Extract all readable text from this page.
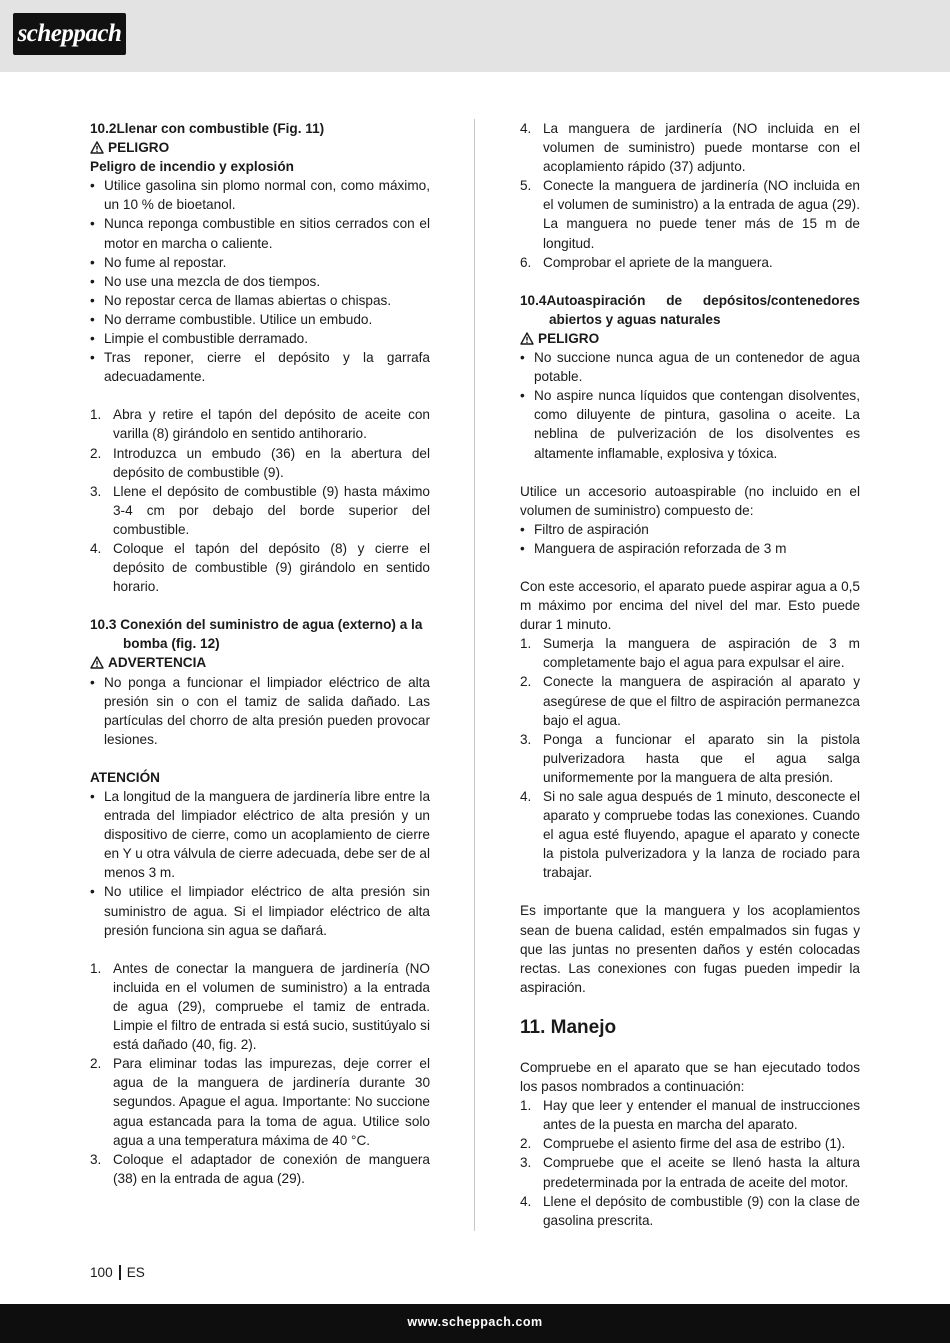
scheppach
10.2Llenar con combustible (Fig. 11)
PELIGRO
Peligro de incendio y explosión
• Utilice gasolina sin plomo normal con, como máximo, un 10 % de bioetanol.
• Nunca reponga combustible en sitios cerrados con el motor en marcha o caliente.
• No fume al repostar.
• No use una mezcla de dos tiempos.
• No repostar cerca de llamas abiertas o chispas.
• No derrame combustible. Utilice un embudo.
• Limpie el combustible derramado.
• Tras reponer, cierre el depósito y la garrafa adecuadamente.
1. Abra y retire el tapón del depósito de aceite con varilla (8) girándolo en sentido antihorario.
2. Introduzca un embudo (36) en la abertura del depósito de combustible (9).
3. Llene el depósito de combustible (9) hasta máximo 3-4 cm por debajo del borde superior del combustible.
4. Coloque el tapón del depósito (8) y cierre el depósito de combustible (9) girándolo en sentido horario.
10.3 Conexión del suministro de agua (externo) a la bomba (fig. 12)
ADVERTENCIA
• No ponga a funcionar el limpiador eléctrico de alta presión sin o con el tamiz de salida dañado. Las partículas del chorro de alta presión pueden provocar lesiones.
ATENCIÓN
• La longitud de la manguera de jardinería libre entre la entrada del limpiador eléctrico de alta presión y un dispositivo de cierre, como un acoplamiento de cierre en Y u otra válvula de cierre adecuada, debe ser de al menos 3 m.
• No utilice el limpiador eléctrico de alta presión sin suministro de agua. Si el limpiador eléctrico de alta presión funciona sin agua se dañará.
1. Antes de conectar la manguera de jardinería (NO incluida en el volumen de suministro) a la entrada de agua (29), compruebe el tamiz de entrada. Limpie el filtro de entrada si está sucio, sustitúyalo si está dañado (40, fig. 2).
2. Para eliminar todas las impurezas, deje correr el agua de la manguera de jardinería durante 30 segundos. Apague el agua. Importante: No succione agua estancada para la toma de agua. Utilice solo agua a una temperatura máxima de 40 °C.
3. Coloque el adaptador de conexión de manguera (38) en la entrada de agua (29).
4. La manguera de jardinería (NO incluida en el volumen de suministro) puede montarse con el acoplamiento rápido (37) adjunto.
5. Conecte la manguera de jardinería (NO incluida en el volumen de suministro) a la entrada de agua (29). La manguera no puede tener más de 15 m de longitud.
6. Comprobar el apriete de la manguera.
10.4Autoaspiración de depósitos/contenedores abiertos y aguas naturales
PELIGRO
• No succione nunca agua de un contenedor de agua potable.
• No aspire nunca líquidos que contengan disolventes, como diluyente de pintura, gasolina o aceite. La neblina de pulverización de los disolventes es altamente inflamable, explosiva y tóxica.
Utilice un accesorio autoaspirable (no incluido en el volumen de suministro) compuesto de:
• Filtro de aspiración
• Manguera de aspiración reforzada de 3 m
Con este accesorio, el aparato puede aspirar agua a 0,5 m máximo por encima del nivel del mar. Esto puede durar 1 minuto.
1. Sumerja la manguera de aspiración de 3 m completamente bajo el agua para expulsar el aire.
2. Conecte la manguera de aspiración al aparato y asegúrese de que el filtro de aspiración permanezca bajo el agua.
3. Ponga a funcionar el aparato sin la pistola pulverizadora hasta que el agua salga uniformemente por la manguera de alta presión.
4. Si no sale agua después de 1 minuto, desconecte el aparato y compruebe todas las conexiones. Cuando el agua esté fluyendo, apague el aparato y conecte la pistola pulverizadora y la lanza de rociado para trabajar.
Es importante que la manguera y los acoplamientos sean de buena calidad, estén empalmados sin fugas y que las juntas no presenten daños y estén colocadas rectas. Las conexiones con fugas pueden impedir la aspiración.
11. Manejo
Compruebe en el aparato que se han ejecutado todos los pasos nombrados a continuación:
1. Hay que leer y entender el manual de instrucciones antes de la puesta en marcha del aparato.
2. Compruebe el asiento firme del asa de estribo (1).
3. Compruebe que el aceite se llenó hasta la altura predeterminada por la entrada de aceite del motor.
4. Llene el depósito de combustible (9) con la clase de gasolina prescrita.
100 ES
www.scheppach.com
